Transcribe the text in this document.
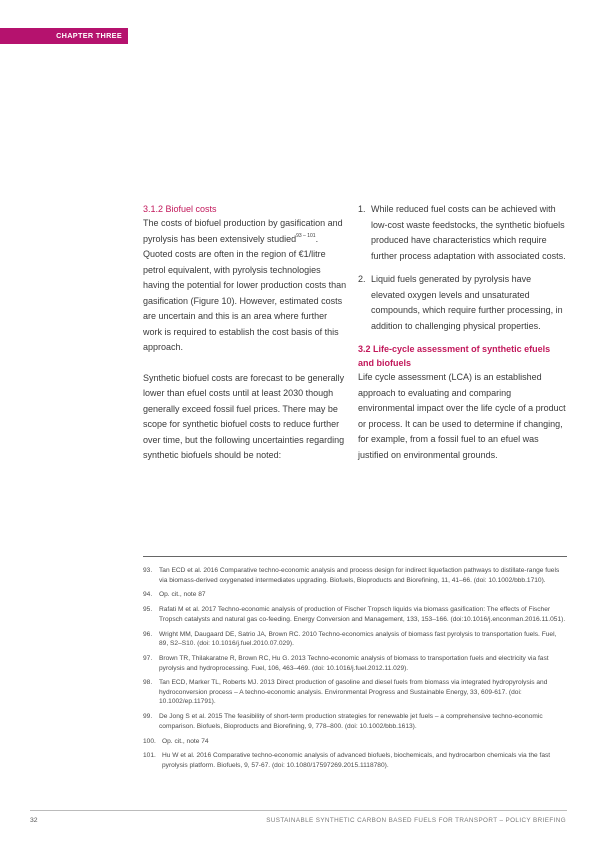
CHAPTER THREE

3.1.2 Biofuel costs

The costs of biofuel production by gasification and pyrolysis has been extensively studied$^{93 - 101}$. Quoted costs are often in the region of €1/litre petrol equivalent, with pyrolysis technologies having the potential for lower production costs than gasification (Figure 10). However, estimated costs are uncertain and this is an area where further work is required to establish the cost basis of this approach.

Synthetic biofuel costs are forecast to be generally lower than efuel costs until at least 2030 though generally exceed fossil fuel prices. There may be scope for synthetic biofuel costs to reduce further over time, but the following uncertainties regarding synthetic biofuels should be noted:

1. While reduced fuel costs can be achieved with low-cost waste feedstocks, the synthetic biofuels produced have characteristics which require further process adaptation with associated costs.
2. Liquid fuels generated by pyrolysis have elevated oxygen levels and unsaturated compounds, which require further processing, in addition to challenging physical properties.

3.2 Life-cycle assessment of synthetic efuels and biofuels

Life cycle assessment (LCA) is an established approach to evaluating and comparing environmental impact over the life cycle of a product or process. It can be used to determine if changing, for example, from a fossil fuel to an efuel was justified on environmental grounds.

93. Tan ECD et al. 2016 Comparative techno-economic analysis and process design for indirect liquefaction pathways to distillate-range fuels via biomass-derived oxygenated intermediates upgrading. Biofuels, Bioproducts and Biorefining, 11, 41–66. (doi: 10.1002/bbb.1710).
94. Op. cit., note 87
95. Rafati M et al. 2017 Techno-economic analysis of production of Fischer Tropsch liquids via biomass gasification: The effects of Fischer Tropsch catalysts and natural gas co-feeding. Energy Conversion and Management, 133, 153–166. (doi:10.1016/j.enconman.2016.11.051).
96. Wright MM, Daugaard DE, Satrio JA, Brown RC. 2010 Techno-economics analysis of biomass fast pyrolysis to transportation fuels. Fuel, 89, S2–S10. (doi: 10.1016/j.fuel.2010.07.029).
97. Brown TR, Thilakaratne R, Brown RC, Hu G. 2013 Techno-economic analysis of biomass to transportation fuels and electricity via fast pyrolysis and hydroprocessing. Fuel, 106, 463–469. (doi: 10.1016/j.fuel.2012.11.029).
98. Tan ECD, Marker TL, Roberts MJ. 2013 Direct production of gasoline and diesel fuels from biomass via integrated hydropyrolysis and hydroconversion process – A techno-economic analysis. Environmental Progress and Sustainable Energy, 33, 609-617. (doi: 10.1002/ep.11791).
99. De Jong S et al. 2015 The feasibility of short-term production strategies for renewable jet fuels – a comprehensive techno-economic comparison. Biofuels, Bioproducts and Biorefining, 9, 778–800. (doi: 10.1002/bbb.1613).
100. Op. cit., note 74
101. Hu W et al. 2016 Comparative techno-economic analysis of advanced biofuels, biochemicals, and hydrocarbon chemicals via the fast pyrolysis platform. Biofuels, 9, 57-67. (doi: 10.1080/17597269.2015.1118780).
32	SUSTAINABLE SYNTHETIC CARBON BASED FUELS FOR TRANSPORT – POLICY BRIEFING
